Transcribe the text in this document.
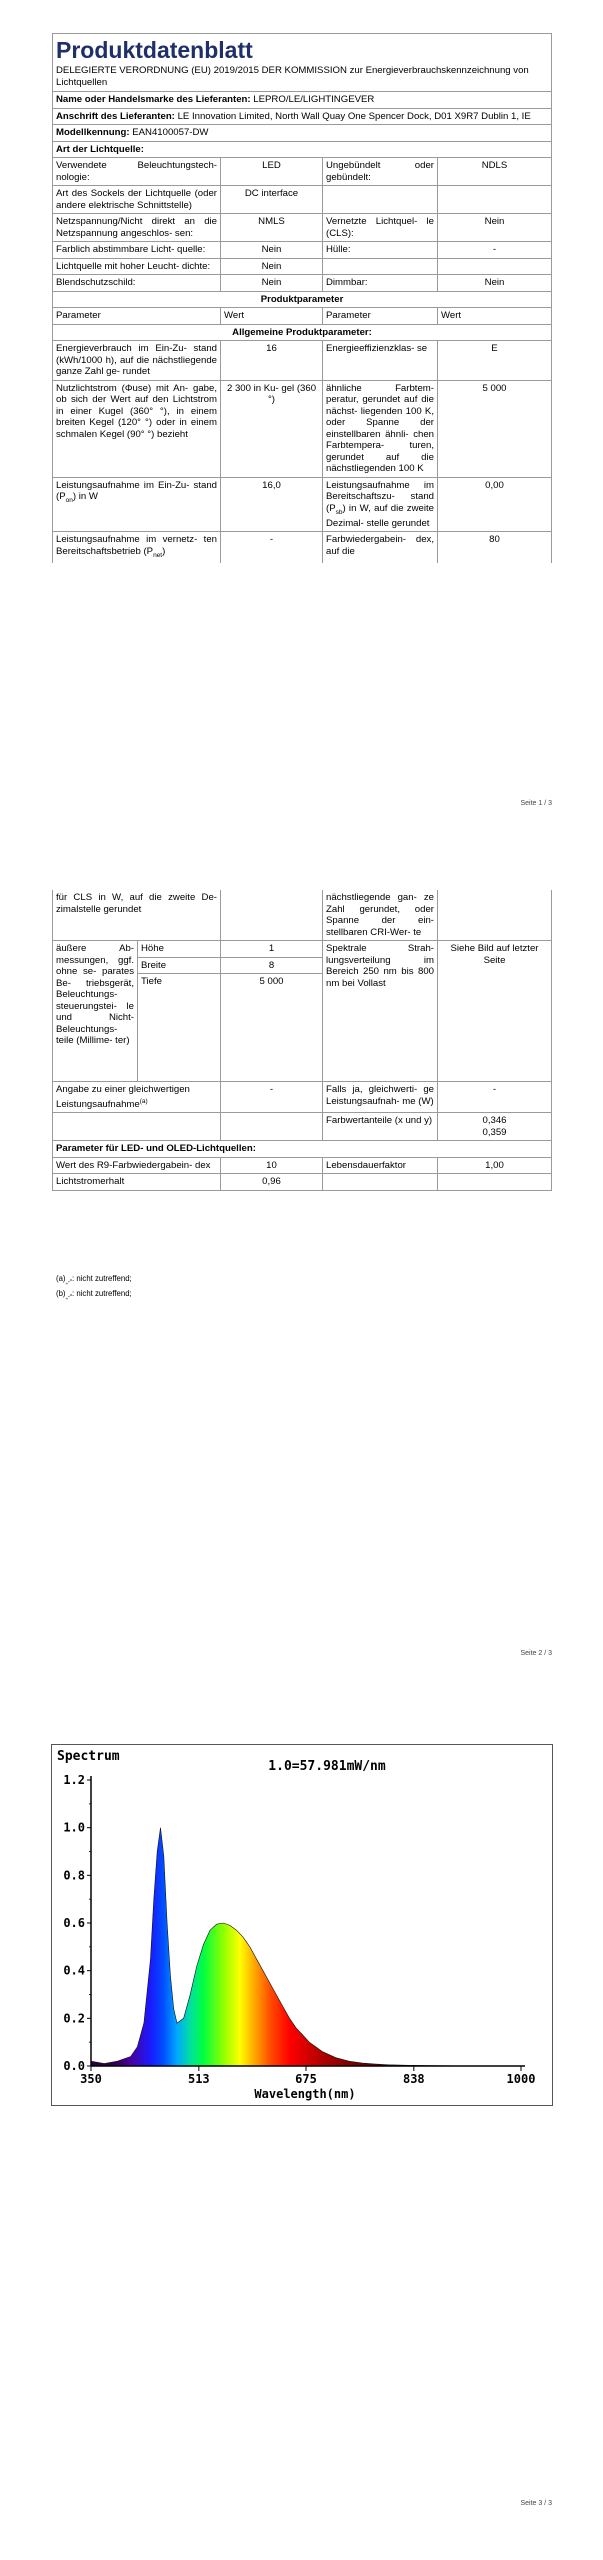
Produktdatenblatt
DELEGIERTE VERORDNUNG (EU) 2019/2015 DER KOMMISSION zur Energieverbrauchskennzeichnung von Lichtquellen			

Name oder Handelsmarke des Lieferanten: LEPRO/LE/LIGHTINGEVER			
Anschrift des Lieferanten: LE Innovation Limited, North Wall Quay One Spencer Dock, D01 X9R7 Dublin 1, IE			
Modellkennung: EAN4100057-DW			
Art der Lichtquelle:			
Verwendete Beleuchtungstech- nologie:	LED	Ungebündelt oder gebündelt:	NDLS
Art des Sockels der Lichtquelle (oder andere elektrische Schnittstelle)	DC interface		
Netzspannung/Nicht direkt an die Netzspannung angeschlos- sen:	NMLS	Vernetzte Lichtquel- le (CLS):	Nein
Farblich abstimmbare Licht- quelle:	Nein	Hülle:	-
Lichtquelle mit hoher Leucht- dichte:	Nein		
Blendschutzschild:	Nein	Dimmbar:	Nein
Produktparameter			
Parameter	Wert	Parameter	Wert
Allgemeine Produktparameter:			
Energieverbrauch im Ein-Zu- stand (kWh/1000 h), auf die nächstliegende ganze Zahl ge- rundet	16	Energieeffizienzklas- se	E
Nutzlichtstrom (Φuse) mit An- gabe, ob sich der Wert auf den Lichtstrom in einer Kugel (360° °), in einem breiten Kegel (120° °) oder in einem schmalen Kegel (90° °) bezieht	2 300 in Ku- gel (360 °)	ähnliche Farbtem- peratur, gerundet auf die nächst- liegenden 100 K, oder Spanne der einstellbaren ähnli- chen Farbtempera- turen, gerundet auf die nächstliegenden 100 K	5 000
Leistungsaufnahme im Ein-Zu- stand $(P_{on})$ in W	16,0	Leistungsaufnahme im Bereitschaftszu- stand $(P_{sb})$ in W, auf die zweite Dezimal- stelle gerundet	0,00
Leistungsaufnahme im vernetz- ten Bereitschaftsbetrieb $(P_{net})$	-	Farbwiedergabein- dex, auf die	80
Seite 1 / 3
für CLS in W, auf die zweite De- zimalstelle gerundet			nächstliegende gan- ze Zahl gerundet, oder Spanne der ein- stellbaren CRI-Wer- te	
äußere Ab- messungen, ggf. ohne se- parates Be- triebsgerät, Beleuchtungs- steuerungstei- le und Nicht- Beleuchtungs- teile (Millime- ter)	Höhe	1	Spektrale Strah- lungsverteilung im Bereich 250 nm bis 800 nm bei Vollast	Siehe Bild auf letzter Seite
	Breite	8		
	Tiefe	5 000		
Angabe zu einer gleichwertigen Leistungsaufnahme$^{(a)}$		-	Falls ja, gleichwerti- ge Leistungsaufnah- me (W)	-
			Farbwertanteile (x und y)	0,346
0,359

Parameter für LED- und OLED-Lichtquellen:				
Wert des R9-Farbwiedergabein- dex		10	Lebensdauerfaktor	1,00
Lichtstromerhalt		0,96		
$(a)_{„-“}$: nicht zutreffend;
$(b)_{„-“}$: nicht zutreffend;
Seite 2 / 3
0.0
0.2
0.4
0.6
0.8
1.0
1.2
350	513	675	838	1000
Spectrum
1.0=57.981mW/nm
Wavelength(nm)
Seite 3 / 3
